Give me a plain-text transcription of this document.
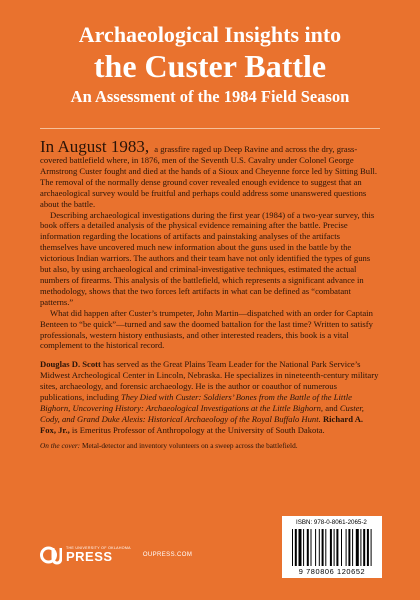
Archaeological Insights into
the Custer Battle
An Assessment of the 1984 Field Season

In August 1983, a grassfire raged up Deep Ravine and across the dry, grass-covered battlefield where, in 1876, men of the Seventh U.S. Cavalry under Colonel George Armstrong Custer fought and died at the hands of a Sioux and Cheyenne force led by Sitting Bull. The removal of the normally dense ground cover revealed enough evidence to suggest that an archaeological survey would be fruitful and perhaps could address some unanswered questions about the battle.

Describing archaeological investigations during the first year (1984) of a two-year survey, this book offers a detailed analysis of the physical evidence remaining after the battle. Precise information regarding the locations of artifacts and painstaking analyses of the artifacts themselves have uncovered much new information about the guns used in the battle by the victorious Indian warriors. The authors and their team have not only identified the types of guns but also, by using archaeological and criminal-investigative techniques, estimated the actual numbers of firearms. This analysis of the battlefield, which represents a significant advance in methodology, shows that the two forces left artifacts in what can be defined as “combatant patterns.”

What did happen after Custer’s trumpeter, John Martin—dispatched with an order for Captain Benteen to “be quick”—turned and saw the doomed battalion for the last time? Written to satisfy professionals, western history enthusiasts, and other interested readers, this book is a vital complement to the historical record.

Douglas D. Scott has served as the Great Plains Team Leader for the National Park Service’s Midwest Archeological Center in Lincoln, Nebraska. He specializes in nineteenth-century military sites, archaeology, and forensic archaeology. He is the author or coauthor of numerous publications, including They Died with Custer: Soldiers’ Bones from the Battle of the Little Bighorn, Uncovering History: Archaeological Investigations at the Little Bighorn, and Custer, Cody, and Grand Duke Alexis: Historical Archaeology of the Royal Buffalo Hunt. Richard A. Fox, Jr., is Emeritus Professor of Anthropology at the University of South Dakota.

On the cover: Metal-detector and inventory volunteers on a sweep across the battlefield.
ISBN: 978-0-8061-2065-2
9 780806 120652
THE UNIVERSITY OF OKLAHOMA
PRESS	OUPRESS.COM
